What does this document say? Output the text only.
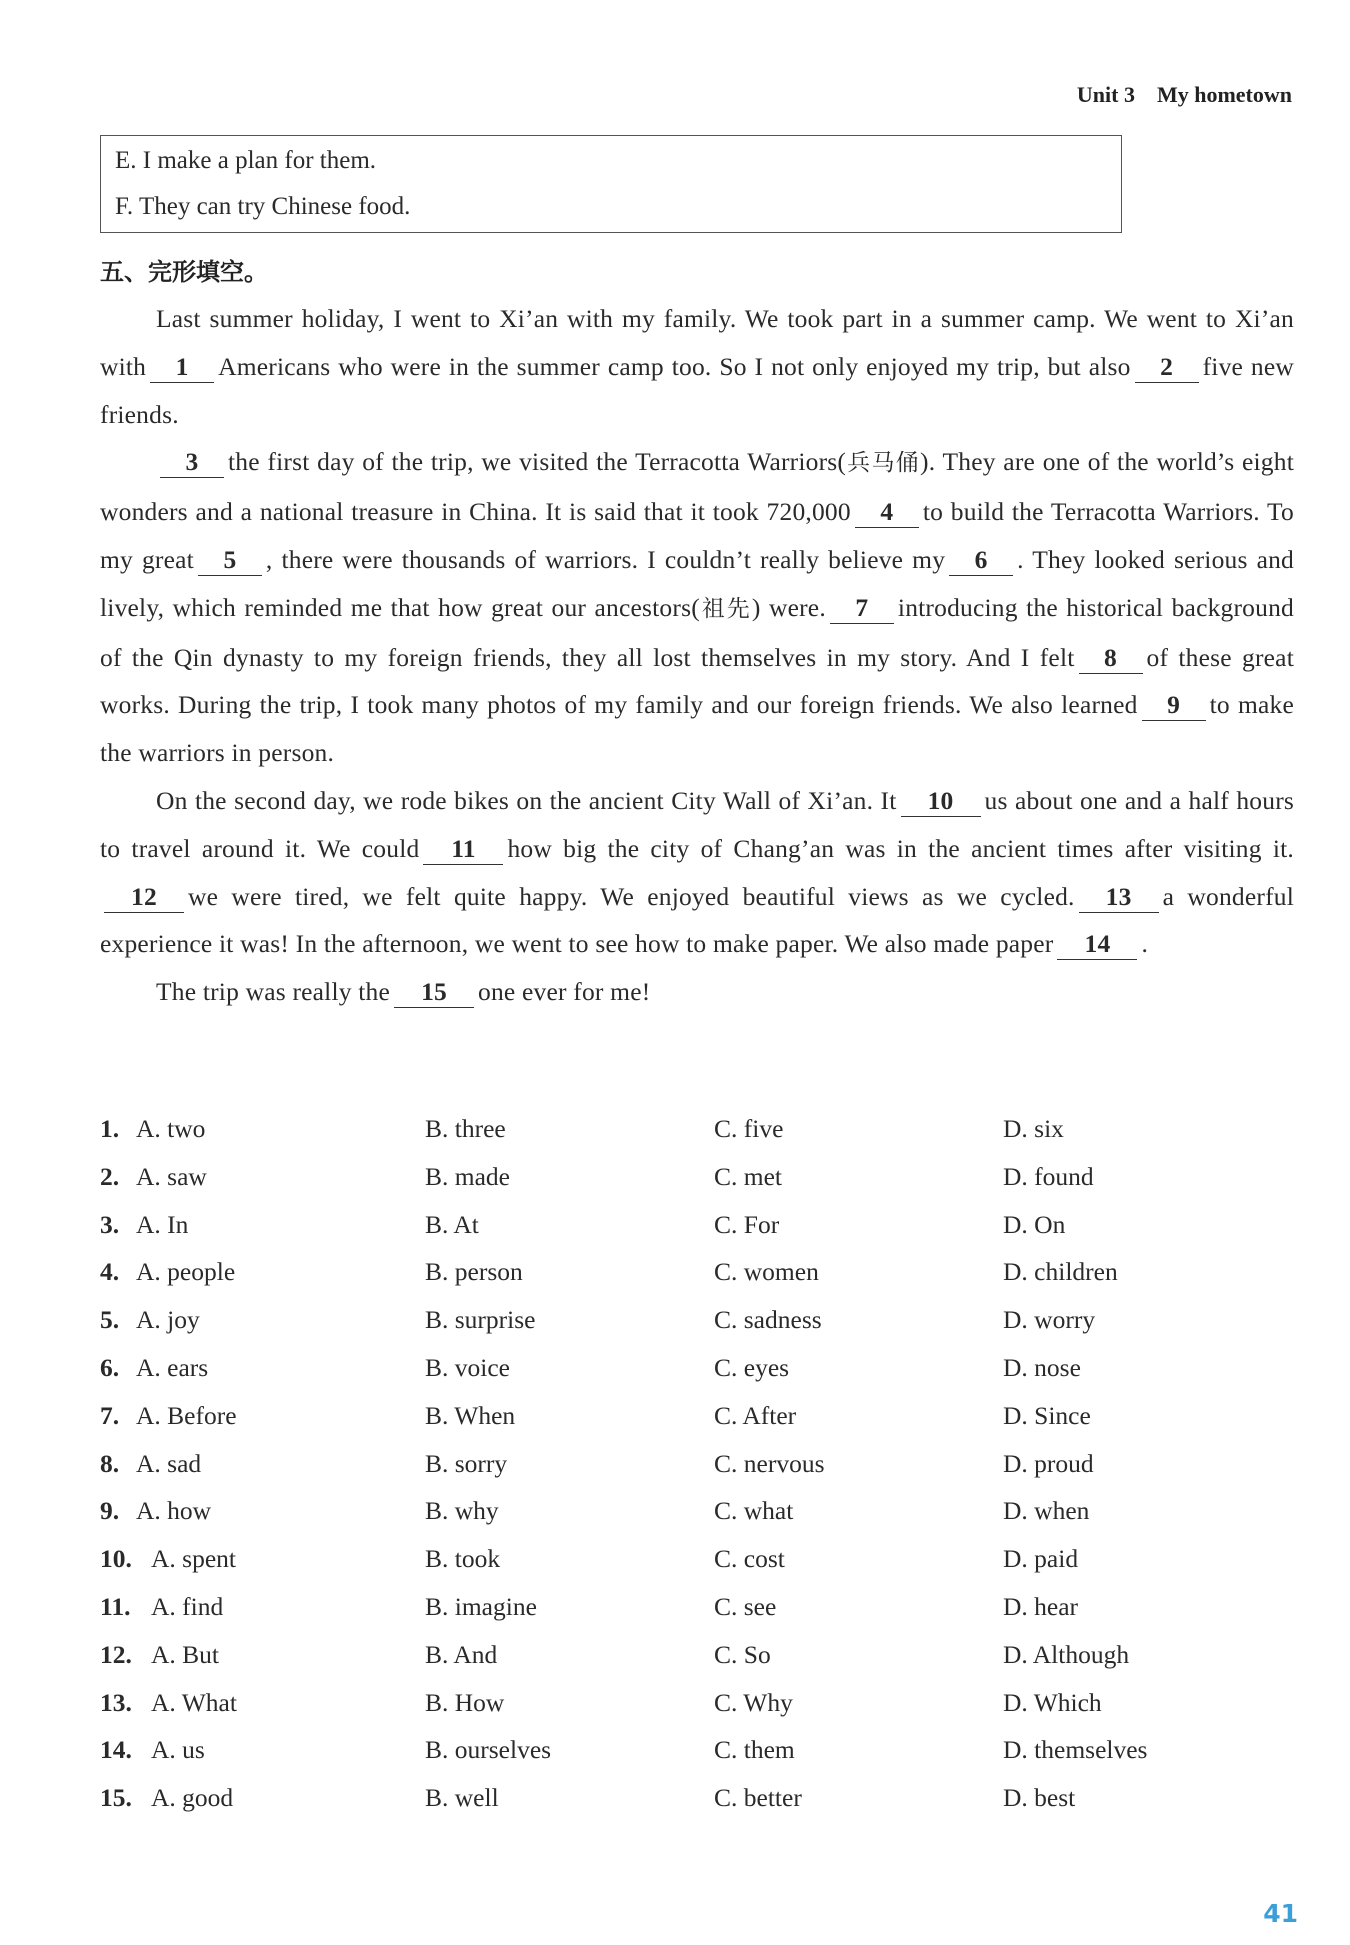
Unit 3 My hometown
E. I make a plan for them.
F. They can try Chinese food.
五、完形填空。

Last summer holiday, I went to Xi’an with my family. We took part in a summer camp. We went to Xi’an with 1 Americans who were in the summer camp too. So I not only enjoyed my trip, but also 2 five new friends.

3 the first day of the trip, we visited the Terracotta Warriors(兵马俑). They are one of the world’s eight wonders and a national treasure in China. It is said that it took 720,000 4 to build the Terracotta Warriors. To my great 5 , there were thousands of warriors. I couldn’t really believe my 6 . They looked serious and lively, which reminded me that how great our ancestors(祖先) were. 7 introducing the historical background of the Qin dynasty to my foreign friends, they all lost themselves in my story. And I felt 8 of these great works. During the trip, I took many photos of my family and our foreign friends. We also learned 9 to make the warriors in person.

On the second day, we rode bikes on the ancient City Wall of Xi’an. It 10 us about one and a half hours to travel around it. We could 11 how big the city of Chang’an was in the ancient times after visiting it.12 we were tired, we felt quite happy. We enjoyed beautiful views as we cycled. 13 a wonderful experience it was! In the afternoon, we went to see how to make paper. We also made paper 14 .

The trip was really the 15 one ever for me!

1. A. two	B. three	C. five	D. six
2. A. saw	B. made	C. met	D. found
3. A. In	B. At	C. For	D. On
4. A. people	B. person	C. women	D. children
5. A. joy	B. surprise	C. sadness	D. worry
6. A. ears	B. voice	C. eyes	D. nose
7. A. Before	B. When	C. After	D. Since
8. A. sad	B. sorry	C. nervous	D. proud
9. A. how	B. why	C. what	D. when
10. A. spent	B. took	C. cost	D. paid
11. A. find	B. imagine	C. see	D. hear
12. A. But	B. And	C. So	D. Although
13. A. What	B. How	C. Why	D. Which
14. A. us	B. ourselves	C. them	D. themselves
15. A. good	B. well	C. better	D. best
41
